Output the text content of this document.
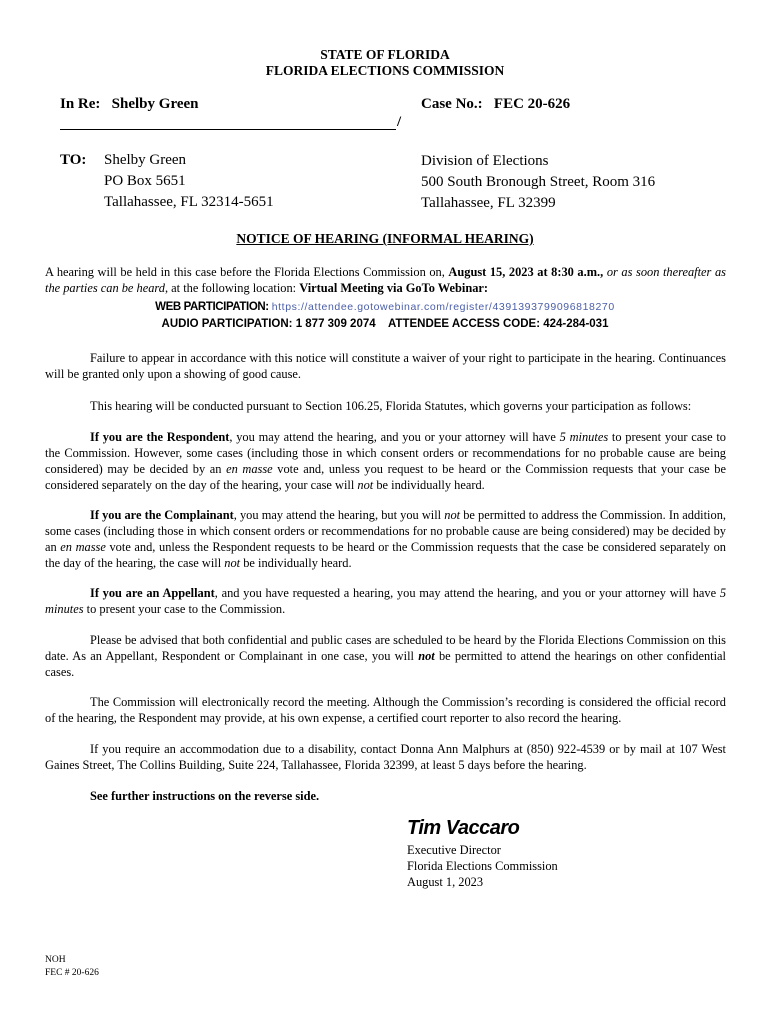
STATE OF FLORIDA
FLORIDA ELECTIONS COMMISSION
In Re: Shelby Green	Case No.: FEC 20-626
/
TO: Shelby Green
PO Box 5651
Tallahassee, FL 32314-5651
Division of Elections
500 South Bronough Street, Room 316
Tallahassee, FL 32399
NOTICE OF HEARING (INFORMAL HEARING)
A hearing will be held in this case before the Florida Elections Commission on, August 15, 2023 at 8:30 a.m., or as soon thereafter as the parties can be heard, at the following location: Virtual Meeting via GoTo Webinar:
WEB PARTICIPATION: https://attendee.gotowebinar.com/register/4391393799096818270
AUDIO PARTICIPATION: 1 877 309 2074    ATTENDEE ACCESS CODE: 424-284-031
Failure to appear in accordance with this notice will constitute a waiver of your right to participate in the hearing. Continuances will be granted only upon a showing of good cause.
This hearing will be conducted pursuant to Section 106.25, Florida Statutes, which governs your participation as follows:
If you are the Respondent, you may attend the hearing, and you or your attorney will have 5 minutes to present your case to the Commission. However, some cases (including those in which consent orders or recommendations for no probable cause are being considered) may be decided by an en masse vote and, unless you request to be heard or the Commission requests that your case be considered separately on the day of the hearing, your case will not be individually heard.
If you are the Complainant, you may attend the hearing, but you will not be permitted to address the Commission. In addition, some cases (including those in which consent orders or recommendations for no probable cause are being considered) may be decided by an en masse vote and, unless the Respondent requests to be heard or the Commission requests that the case be considered separately on the day of the hearing, the case will not be individually heard.
If you are an Appellant, and you have requested a hearing, you may attend the hearing, and you or your attorney will have 5 minutes to present your case to the Commission.
Please be advised that both confidential and public cases are scheduled to be heard by the Florida Elections Commission on this date. As an Appellant, Respondent or Complainant in one case, you will not be permitted to attend the hearings on other confidential cases.
The Commission will electronically record the meeting. Although the Commission’s recording is considered the official record of the hearing, the Respondent may provide, at his own expense, a certified court reporter to also record the hearing.
If you require an accommodation due to a disability, contact Donna Ann Malphurs at (850) 922-4539 or by mail at 107 West Gaines Street, The Collins Building, Suite 224, Tallahassee, Florida 32399, at least 5 days before the hearing.
See further instructions on the reverse side.
Tim Vaccaro
Executive Director
Florida Elections Commission
August 1, 2023
NOH
FEC # 20-626
